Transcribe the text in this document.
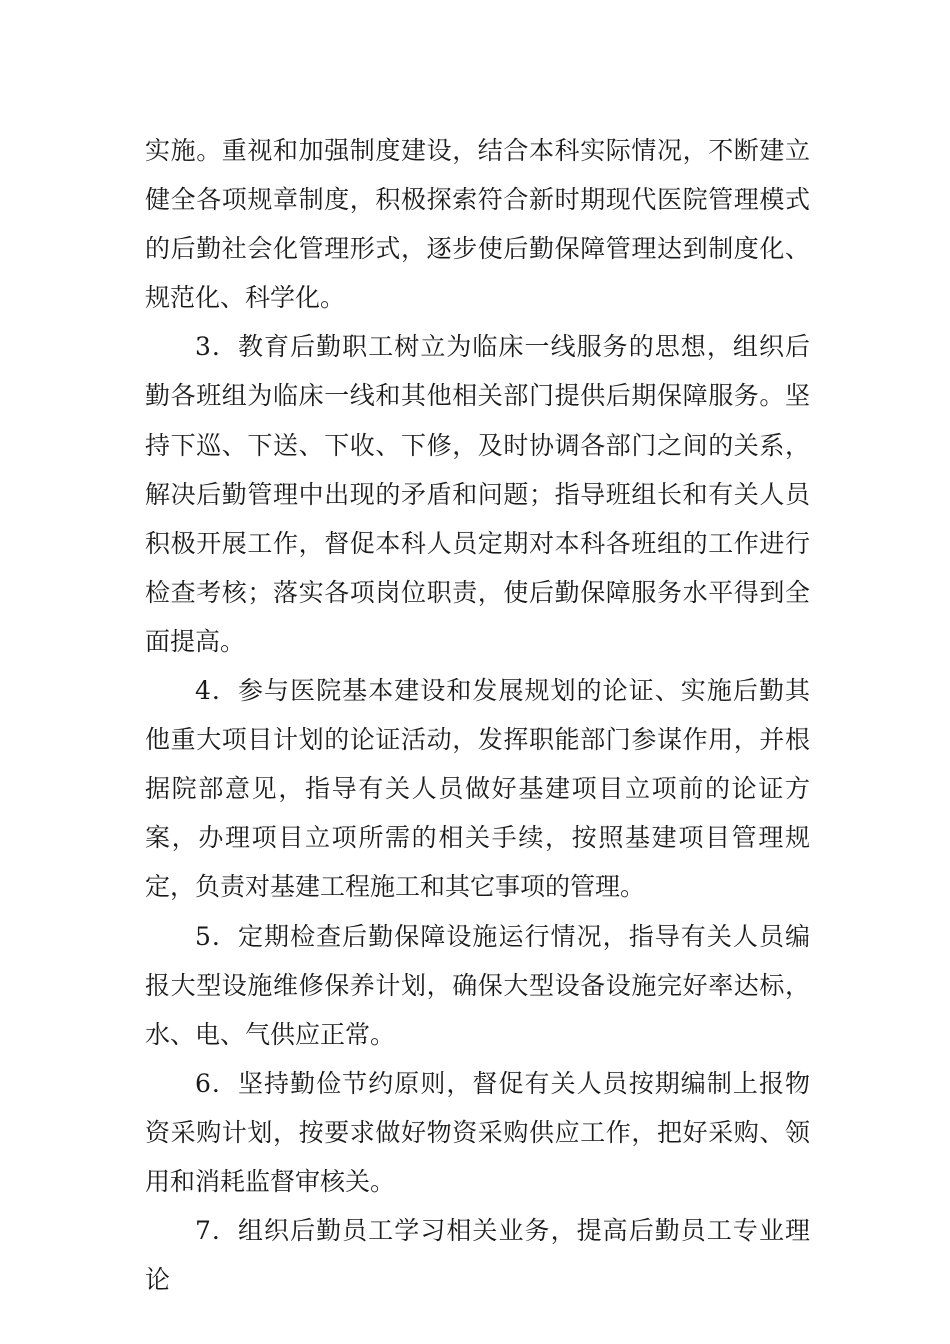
实施。重视和加强制度建设，结合本科实际情况，不断建立健全各项规章制度，积极探索符合新时期现代医院管理模式的后勤社会化管理形式，逐步使后勤保障管理达到制度化、规范化、科学化。

3．教育后勤职工树立为临床一线服务的思想，组织后勤各班组为临床一线和其他相关部门提供后期保障服务。坚持下巡、下送、下收、下修，及时协调各部门之间的关系，解决后勤管理中出现的矛盾和问题；指导班组长和有关人员积极开展工作，督促本科人员定期对本科各班组的工作进行检查考核；落实各项岗位职责，使后勤保障服务水平得到全面提高。

4．参与医院基本建设和发展规划的论证、实施后勤其他重大项目计划的论证活动，发挥职能部门参谋作用，并根据院部意见，指导有关人员做好基建项目立项前的论证方案，办理项目立项所需的相关手续，按照基建项目管理规定，负责对基建工程施工和其它事项的管理。

5．定期检查后勤保障设施运行情况，指导有关人员编报大型设施维修保养计划，确保大型设备设施完好率达标，水、电、气供应正常。

6．坚持勤俭节约原则，督促有关人员按期编制上报物资采购计划，按要求做好物资采购供应工作，把好采购、领用和消耗监督审核关。

7．组织后勤员工学习相关业务，提高后勤员工专业理论
